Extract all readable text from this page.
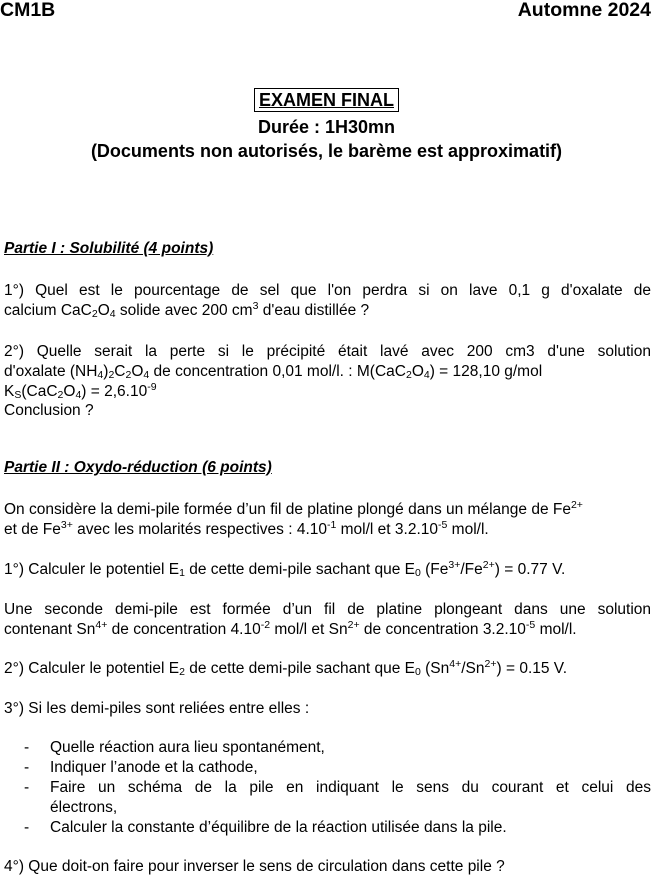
CM1B	Automne 2024
EXAMEN FINAL
Durée : 1H30mn
(Documents non autorisés, le barème est approximatif)
Partie I : Solubilité (4 points)
1°) Quel est le pourcentage de sel que l'on perdra si on lave 0,1 g d'oxalate de
calcium $CaC_2O_4$ solide avec 200 $cm^3$ d'eau distillée ?
2°) Quelle serait la perte si le précipité était lavé avec 200 cm3 d'une solution
d'oxalate $(NH_4)_2C_2O_4$ de concentration 0,01 mol/l. : $M(CaC_2O_4) = 128,10$ g/mol
$K_S(CaC_2O_4) = 2,6.10^{-9}$
Conclusion ?
Partie II : Oxydo-réduction (6 points)
On considère la demi-pile formée d’un fil de platine plongé dans un mélange de $Fe^{2+}$
et de $Fe^{3+}$ avec les molarités respectives : $4.10^{-1}$ mol/l et $3.2.10^{-5}$ mol/l.
1°) Calculer le potentiel $E_1$ de cette demi-pile sachant que $E_0$ $(Fe^{3+}/Fe^{2+}) = 0.77$ V.
Une seconde demi-pile est formée d’un fil de platine plongeant dans une solution
contenant $Sn^{4+}$ de concentration $4.10^{-2}$ mol/l et $Sn^{2+}$ de concentration $3.2.10^{-5}$ mol/l.
2°) Calculer le potentiel $E_2$ de cette demi-pile sachant que $E_0$ $(Sn^{4+}/Sn^{2+}) = 0.15$ V.
3°) Si les demi-piles sont reliées entre elles :
- Quelle réaction aura lieu spontanément,
- Indiquer l’anode et la cathode,
- Faire un schéma de la pile en indiquant le sens du courant et celui des
électrons,
- Calculer la constante d’équilibre de la réaction utilisée dans la pile.
4°) Que doit-on faire pour inverser le sens de circulation dans cette pile ?
